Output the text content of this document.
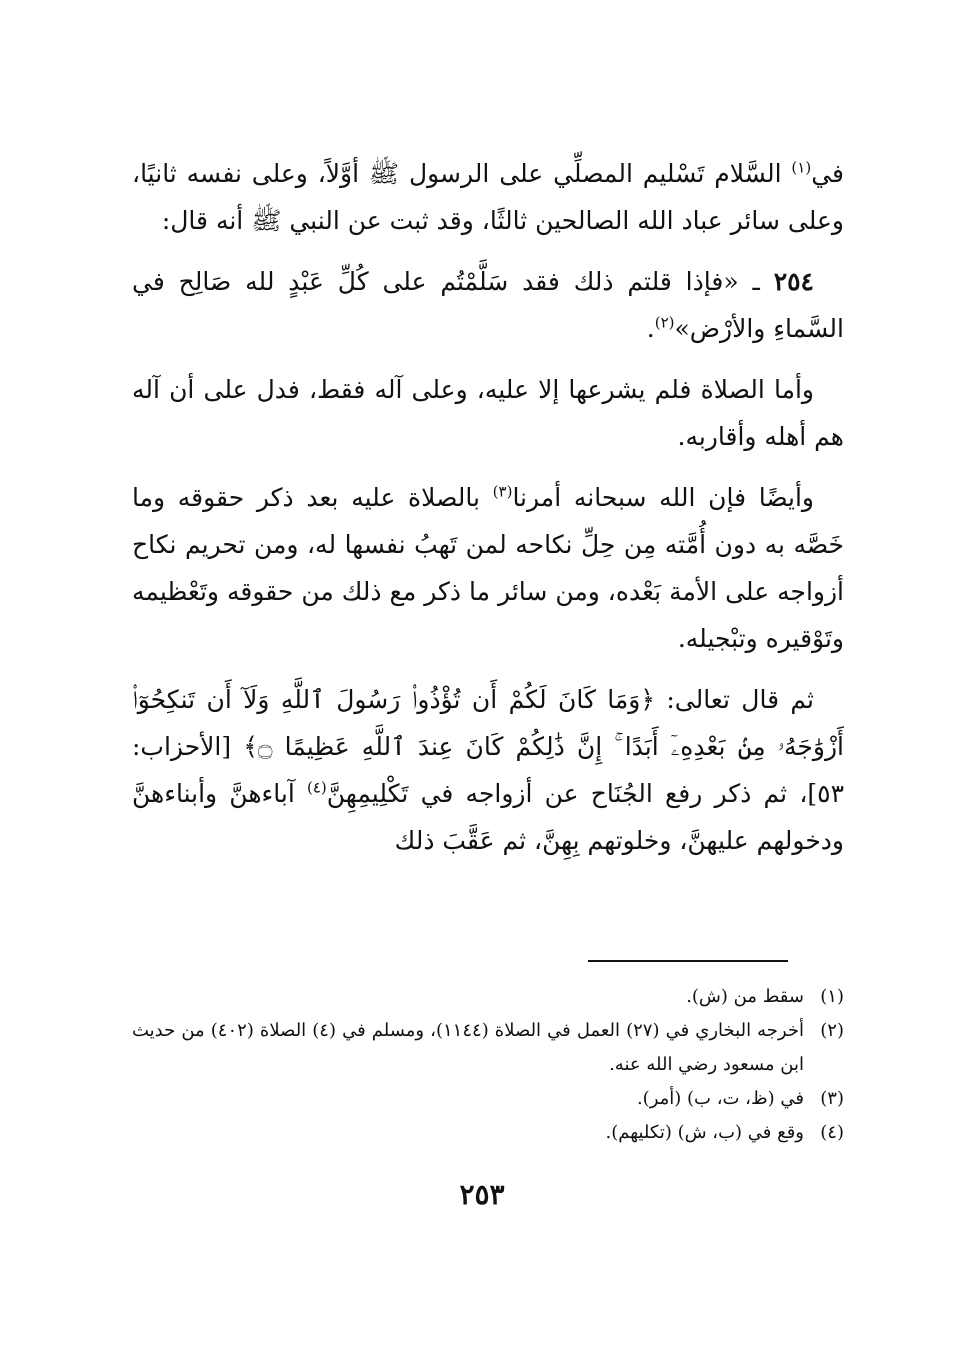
في$^{(١)}$ السَّلام تَسْليم المصلِّي على الرسول ﷺ أوَّلاً، وعلى نفسه ثانيًا، وعلى سائر عباد الله الصالحين ثالثًا، وقد ثبت عن النبي ﷺ أنه قال:

٢٥٤ ـ «فإذا قلتم ذلك فقد سَلَّمْتُم على كُلِّ عَبْدٍ لله صَالِح في السَّماءِ والأرْض»$^{(٢)}$.

وأما الصلاة فلم يشرعها إلا عليه، وعلى آله فقط، فدل على أن آله هم أهله وأقاربه.

وأيضًا فإن الله سبحانه أمرنا$^{(٣)}$ بالصلاة عليه بعد ذكر حقوقه وما خَصَّه به دون أُمَّته مِن حِلِّ نكاحه لمن تَهبُ نفسها له، ومن تحريم نكاح أزواجه على الأمة بَعْده، ومن سائر ما ذكر مع ذلك من حقوقه وتَعْظيمه وتَوْقيره وتبْجيله.

ثم قال تعالى: ﴿وَمَا كَانَ لَكُمْ أَن تُؤْذُوا۟ رَسُولَ ٱللَّهِ وَلَآ أَن تَنكِحُوٓا۟ أَزْوَٰجَهُۥ مِنۢ بَعْدِهِۦٓ أَبَدًا ۚ إِنَّ ذَٰلِكُمْ كَانَ عِندَ ٱللَّهِ عَظِيمًا ۝﴾ [الأحزاب: ٥٣]، ثم ذكر رفع الجُنَاح عن أزواجه في تَكْلِيمِهِنَّ$^{(٤)}$ آباءهنَّ وأبناءهنَّ ودخولهم عليهنَّ، وخلوتهم بِهِنَّ، ثم عَقَّبَ ذلك

(١)
سقط من (ش).

(٢)
أخرجه البخاري في (٢٧) العمل في الصلاة (١١٤٤)، ومسلم في (٤) الصلاة (٤٠٢) من حديث ابن مسعود رضي الله عنه.

(٣)
في (ظ، ت، ب) (أمر).

(٤)
وقع في (ب، ش) (تكليهم).

٢٥٣
